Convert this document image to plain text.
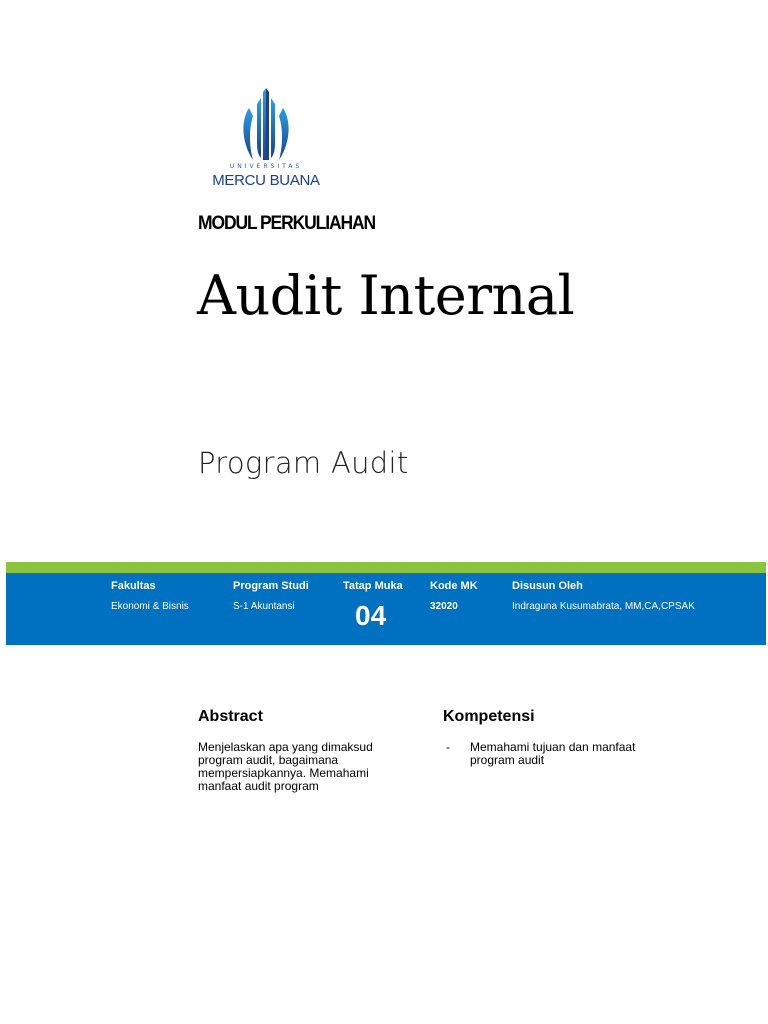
UNIVERSITAS
MERCU BUANA
MODUL PERKULIAHAN
Audit Internal
Program Audit
Fakultas
Ekonomi & Bisnis
Program Studi
S-1 Akuntansi
Tatap Muka
04
Kode MK
32020
Disusun Oleh
Indraguna Kusumabrata, MM,CA,CPSAK
Abstract
Menjelaskan apa yang dimaksud program audit, bagaimana mempersiapkannya. Memahami manfaat audit program
Kompetensi
- Memahami tujuan dan manfaat program audit
